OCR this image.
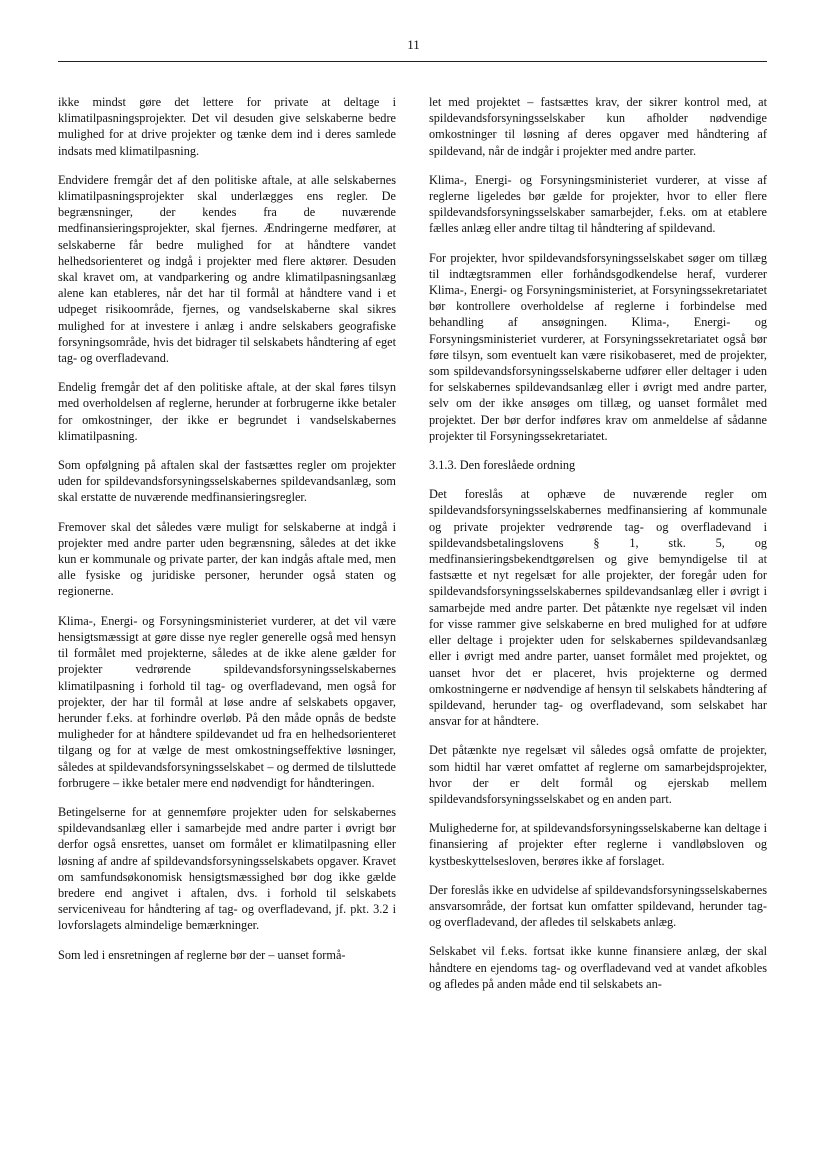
11

ikke mindst gøre det lettere for private at deltage i klimatilpasningsprojekter. Det vil desuden give selskaberne bedre mulighed for at drive projekter og tænke dem ind i deres samlede indsats med klimatilpasning.

Endvidere fremgår det af den politiske aftale, at alle selskabernes klimatilpasningsprojekter skal underlægges ens regler. De begrænsninger, der kendes fra de nuværende medfinansieringsprojekter, skal fjernes. Ændringerne medfører, at selskaberne får bedre mulighed for at håndtere vandet helhedsorienteret og indgå i projekter med flere aktører. Desuden skal kravet om, at vandparkering og andre klimatilpasningsanlæg alene kan etableres, når det har til formål at håndtere vand i et udpeget risikoområde, fjernes, og vandselskaberne skal sikres mulighed for at investere i anlæg i andre selskabers geografiske forsyningsområde, hvis det bidrager til selskabets håndtering af eget tag- og overfladevand.

Endelig fremgår det af den politiske aftale, at der skal føres tilsyn med overholdelsen af reglerne, herunder at forbrugerne ikke betaler for omkostninger, der ikke er begrundet i vandselskabernes klimatilpasning.

Som opfølgning på aftalen skal der fastsættes regler om projekter uden for spildevandsforsyningsselskabernes spildevandsanlæg, som skal erstatte de nuværende medfinansieringsregler.

Fremover skal det således være muligt for selskaberne at indgå i projekter med andre parter uden begrænsning, således at det ikke kun er kommunale og private parter, der kan indgås aftale med, men alle fysiske og juridiske personer, herunder også staten og regionerne.

Klima-, Energi- og Forsyningsministeriet vurderer, at det vil være hensigtsmæssigt at gøre disse nye regler generelle også med hensyn til formålet med projekterne, således at de ikke alene gælder for projekter vedrørende spildevandsforsyningsselskabernes klimatilpasning i forhold til tag- og overfladevand, men også for projekter, der har til formål at løse andre af selskabets opgaver, herunder f.eks. at forhindre overløb. På den måde opnås de bedste muligheder for at håndtere spildevandet ud fra en helhedsorienteret tilgang og for at vælge de mest omkostningseffektive løsninger, således at spildevandsforsyningsselskabet – og dermed de tilsluttede forbrugere – ikke betaler mere end nødvendigt for håndteringen.

Betingelserne for at gennemføre projekter uden for selskabernes spildevandsanlæg eller i samarbejde med andre parter i øvrigt bør derfor også ensrettes, uanset om formålet er klimatilpasning eller løsning af andre af spildevandsforsyningsselskabets opgaver. Kravet om samfundsøkonomisk hensigtsmæssighed bør dog ikke gælde bredere end angivet i aftalen, dvs. i forhold til selskabets serviceniveau for håndtering af tag- og overfladevand, jf. pkt. 3.2 i lovforslagets almindelige bemærkninger.

Som led i ensretningen af reglerne bør der – uanset formå-

let med projektet – fastsættes krav, der sikrer kontrol med, at spildevandsforsyningsselskaber kun afholder nødvendige omkostninger til løsning af deres opgaver med håndtering af spildevand, når de indgår i projekter med andre parter.

Klima-, Energi- og Forsyningsministeriet vurderer, at visse af reglerne ligeledes bør gælde for projekter, hvor to eller flere spildevandsforsyningsselskaber samarbejder, f.eks. om at etablere fælles anlæg eller andre tiltag til håndtering af spildevand.

For projekter, hvor spildevandsforsyningsselskabet søger om tillæg til indtægtsrammen eller forhåndsgodkendelse heraf, vurderer Klima-, Energi- og Forsyningsministeriet, at Forsyningssekretariatet bør kontrollere overholdelse af reglerne i forbindelse med behandling af ansøgningen. Klima-, Energi- og Forsyningsministeriet vurderer, at Forsyningssekretariatet også bør føre tilsyn, som eventuelt kan være risikobaseret, med de projekter, som spildevandsforsyningsselskaberne udfører eller deltager i uden for selskabernes spildevandsanlæg eller i øvrigt med andre parter, selv om der ikke ansøges om tillæg, og uanset formålet med projektet. Der bør derfor indføres krav om anmeldelse af sådanne projekter til Forsyningssekretariatet.

3.1.3. Den foreslåede ordning

Det foreslås at ophæve de nuværende regler om spildevandsforsyningsselskabernes medfinansiering af kommunale og private projekter vedrørende tag- og overfladevand i spildevandsbetalingslovens § 1, stk. 5, og medfinansieringsbekendtgørelsen og give bemyndigelse til at fastsætte et nyt regelsæt for alle projekter, der foregår uden for spildevandsforsyningsselskabernes spildevandsanlæg eller i øvrigt i samarbejde med andre parter. Det påtænkte nye regelsæt vil inden for visse rammer give selskaberne en bred mulighed for at udføre eller deltage i projekter uden for selskabernes spildevandsanlæg eller i øvrigt med andre parter, uanset formålet med projektet, og uanset hvor det er placeret, hvis projekterne og dermed omkostningerne er nødvendige af hensyn til selskabets håndtering af spildevand, herunder tag- og overfladevand, som selskabet har ansvar for at håndtere.

Det påtænkte nye regelsæt vil således også omfatte de projekter, som hidtil har været omfattet af reglerne om samarbejdsprojekter, hvor der er delt formål og ejerskab mellem spildevandsforsyningsselskabet og en anden part.

Mulighederne for, at spildevandsforsyningsselskaberne kan deltage i finansiering af projekter efter reglerne i vandløbsloven og kystbeskyttelsesloven, berøres ikke af forslaget.

Der foreslås ikke en udvidelse af spildevandsforsyningsselskabernes ansvarsområde, der fortsat kun omfatter spildevand, herunder tag- og overfladevand, der afledes til selskabets anlæg.

Selskabet vil f.eks. fortsat ikke kunne finansiere anlæg, der skal håndtere en ejendoms tag- og overfladevand ved at vandet afkobles og afledes på anden måde end til selskabets an-
